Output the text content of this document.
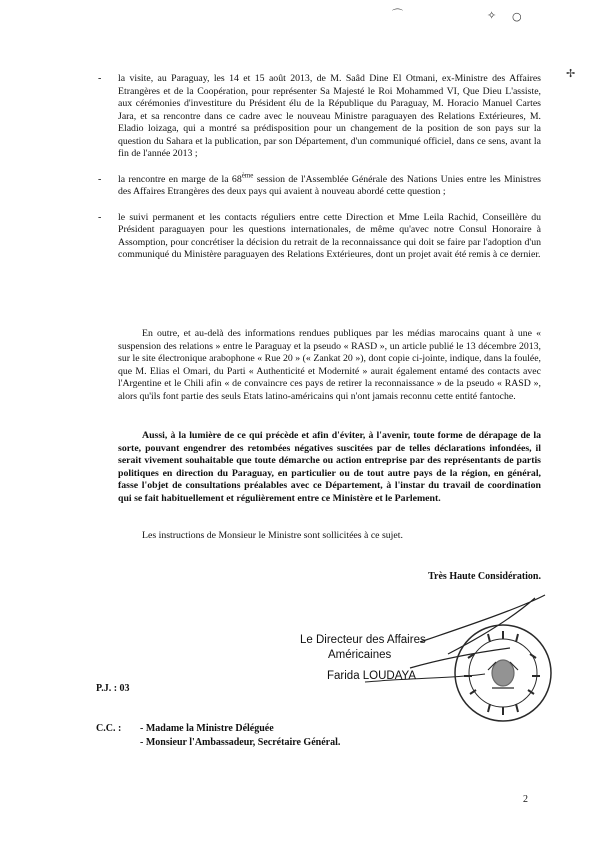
⌒	✧ ○
✢
- la visite, au Paraguay, les 14 et 15 août 2013, de M. Saâd Dine El Otmani, ex-Ministre des Affaires Etrangères et de la Coopération, pour représenter Sa Majesté le Roi Mohammed VI, Que Dieu L'assiste, aux cérémonies d'investiture du Président élu de la République du Paraguay, M. Horacio Manuel Cartes Jara, et sa rencontre dans ce cadre avec le nouveau Ministre paraguayen des Relations Extérieures, M. Eladio loizaga, qui a montré sa prédisposition pour un changement de la position de son pays sur la question du Sahara et la publication, par son Département, d'un communiqué officiel, dans ce sens, avant la fin de l'année 2013 ;
- la rencontre en marge de la 68ème session de l'Assemblée Générale des Nations Unies entre les Ministres des Affaires Etrangères des deux pays qui avaient à nouveau abordé cette question ;
- le suivi permanent et les contacts réguliers entre cette Direction et Mme Leila Rachid, Conseillère du Président paraguayen pour les questions internationales, de même qu'avec notre Consul Honoraire à Assomption, pour concrétiser la décision du retrait de la reconnaissance qui doit se faire par l'adoption d'un communiqué du Ministère paraguayen des Relations Extérieures, dont un projet avait été remis à ce dernier.

En outre, et au-delà des informations rendues publiques par les médias marocains quant à une « suspension des relations » entre le Paraguay et la pseudo « RASD », un article publié le 13 décembre 2013, sur le site électronique arabophone « Rue 20 » (« Zankat 20 »), dont copie ci-jointe, indique, dans la foulée, que M. Elias el Omari, du Parti « Authenticité et Modernité » aurait également entamé des contacts avec l'Argentine et le Chili afin « de convaincre ces pays de retirer la reconnaissance » de la pseudo « RASD », alors qu'ils font partie des seuls Etats latino-américains qui n'ont jamais reconnu cette entité fantoche.

Aussi, à la lumière de ce qui précède et afin d'éviter, à l'avenir, toute forme de dérapage de la sorte, pouvant engendrer des retombées négatives suscitées par de telles déclarations infondées, il serait vivement souhaitable que toute démarche ou action entreprise par des représentants de partis politiques en direction du Paraguay, en particulier ou de tout autre pays de la région, en général, fasse l'objet de consultations préalables avec ce Département, à l'instar du travail de coordination qui se fait habituellement et régulièrement entre ce Ministère et le Parlement.

Les instructions de Monsieur le Ministre sont sollicitées à ce sujet.

Très Haute Considération.
Le Directeur des Affaires
Américaines
Farida LOUDAYA
P.J. : 03
C.C. : - Madame la Ministre Déléguée
- Monsieur l'Ambassadeur, Secrétaire Général.
2
